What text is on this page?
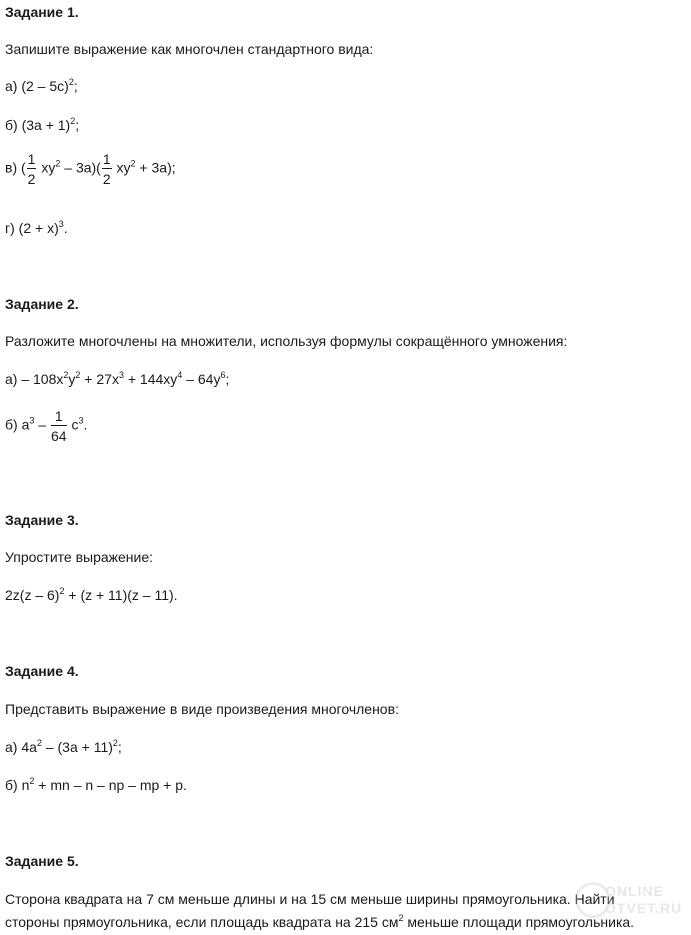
Задание 1.
Запишите выражение как многочлен стандартного вида:
а) (2 – 5c)$^2$;
б) $(3a + 1)^2$;
в) ( $\frac{1}{2} xy^2 - 3a)( \frac{1}{2} xy^2 + 3a)$;
г) $(2 + x)^3$.
Задание 2.
Разложите многочлены на множители, используя формулы сокращённого умножения:
$а) - 108x^2y^2 + 27x^3 + 144xy^4 - 64y^6$;
б) $a^3 - \frac{1}{64} c^3$.
Задание 3.
Упростите выражение:
2z(z – 6)$^2$ + (z + 11)(z – 11).
Задание 4.
Представить выражение в виде произведения многочленов:
а) $4a^2 - (3a + 11)^2$;
б) $n^2$ + mn – n – np – mp + p.
Задание 5.
Сторона квадрата на 7 см меньше длины и на 15 см меньше ширины прямоугольника. Найти
стороны прямоугольника, если площадь квадрата на 215 $см^2$ меньше площади прямоугольника.
ONLINE
OTVET.RU
